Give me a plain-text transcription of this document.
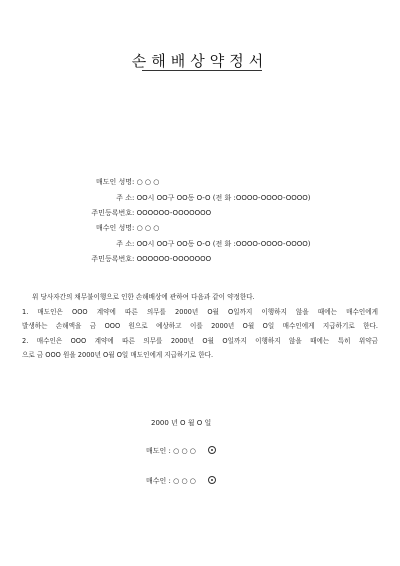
손해배상약정서
매도인 성명: ○ ○ ○
주 소: OO시 OO구 OO동 O-O (전 화 :OOOO-OOOO-OOOO)
주민등록번호: OOOOOO-OOOOOOO
매수인 성명: ○ ○ ○
주 소: OO시 OO구 OO동 O-O (전 화 :OOOO-OOOO-OOOO)
주민등록번호: OOOOOO-OOOOOOO

위 당사자간의 채무불이행으로 인한 손해배상에 관하여 다음과 같이 약정한다.

1. 매도인은 OOO 계약에 따른 의무를 2000년 O월 O일까지 이행하지 않을 때에는 매수인에게

발생하는 손해액을 금 OOO 원으로 예상하고 이를 2000년 O월 O일 매수인에게 지급하기로 한다.

2. 매수인은 OOO 계약에 따른 의무를 2000년 O월 O일까지 이행하지 않을 때에는 특히 위약금

으로 금 OOO 원을 2000년 O월 O일 매도인에게 지급하기로 한다.

2000 년 O 월 O 일
매도인 : ○ ○ ○
매수인 : ○ ○ ○
